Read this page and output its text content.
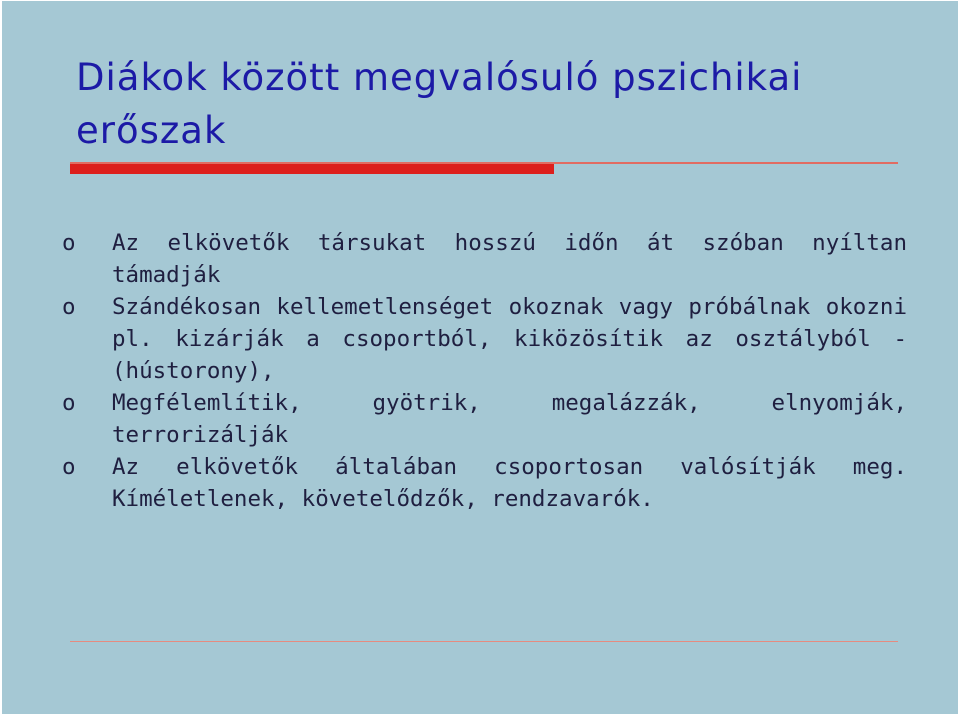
Diákok között megvalósuló pszichikai erőszak
o Az elkövetők társukat hosszú időn át szóban nyíltan támadják
o Szándékosan kellemetlenséget okoznak vagy próbálnak okozni pl. kizárják a csoportból, kiközösítik az osztályból - (hústorony),
o Megfélemlítik, gyötrik, megalázzák, elnyomják, terrorizálják
o Az elkövetők általában csoportosan valósítják meg. Kíméletlenek, követelődzők, rendzavarók.
